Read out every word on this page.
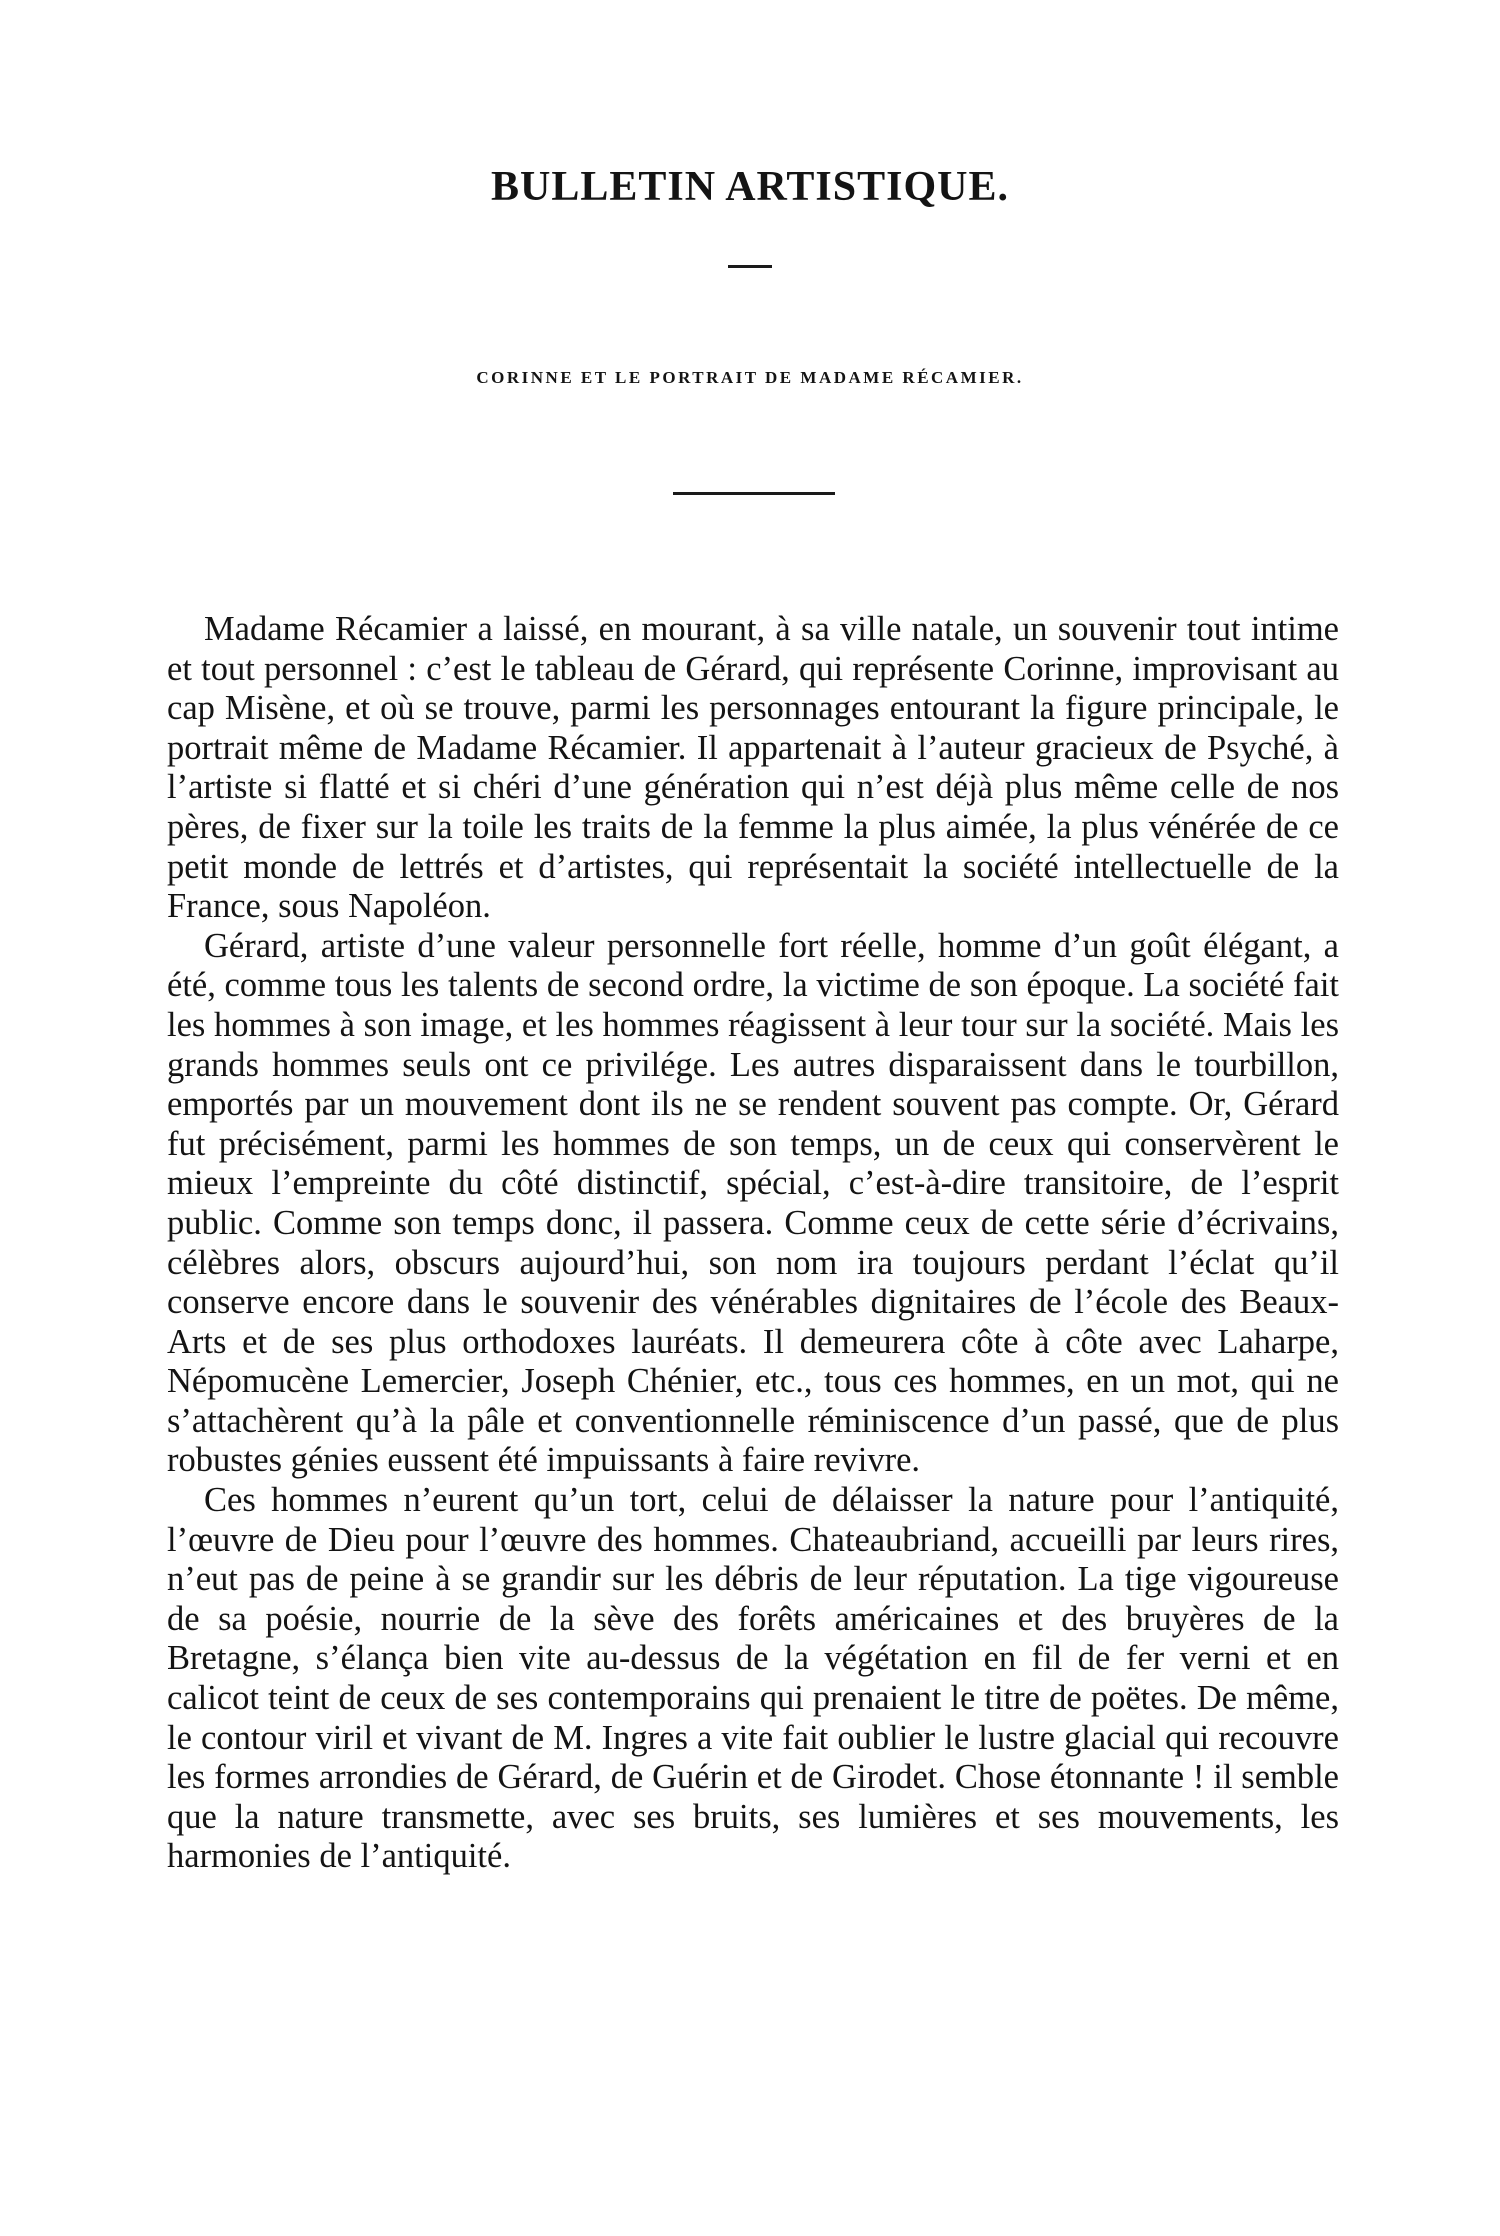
BULLETIN ARTISTIQUE.
CORINNE ET LE PORTRAIT DE MADAME RÉCAMIER.

Madame Récamier a laissé, en mourant, à sa ville natale, un souvenir tout intime et tout personnel : c’est le tableau de Gérard, qui représente Corinne, improvisant au cap Misène, et où se trouve, parmi les personnages entourant la figure principale, le portrait même de Madame Récamier. Il appartenait à l’auteur gracieux de Psyché, à l’artiste si flatté et si chéri d’une génération qui n’est déjà plus même celle de nos pères, de fixer sur la toile les traits de la femme la plus aimée, la plus vénérée de ce petit monde de lettrés et d’artistes, qui représentait la société intellectuelle de la France, sous Napoléon.

Gérard, artiste d’une valeur personnelle fort réelle, homme d’un goût élégant, a été, comme tous les talents de second ordre, la victime de son époque. La société fait les hommes à son image, et les hommes réagissent à leur tour sur la société. Mais les grands hommes seuls ont ce privilége. Les autres disparaissent dans le tourbillon, emportés par un mouvement dont ils ne se rendent souvent pas compte. Or, Gérard fut précisément, parmi les hommes de son temps, un de ceux qui conservèrent le mieux l’empreinte du côté distinctif, spécial, c’est-à-dire transitoire, de l’esprit public. Comme son temps donc, il passera. Comme ceux de cette série d’écrivains, célèbres alors, obscurs aujourd’hui, son nom ira toujours perdant l’éclat qu’il conserve encore dans le souvenir des vénérables dignitaires de l’école des Beaux-Arts et de ses plus orthodoxes lauréats. Il demeurera côte à côte avec Laharpe, Népomucène Lemercier, Joseph Chénier, etc., tous ces hommes, en un mot, qui ne s’attachèrent qu’à la pâle et conventionnelle réminiscence d’un passé, que de plus robustes génies eussent été impuissants à faire revivre.

Ces hommes n’eurent qu’un tort, celui de délaisser la nature pour l’antiquité, l’œuvre de Dieu pour l’œuvre des hommes. Chateaubriand, accueilli par leurs rires, n’eut pas de peine à se grandir sur les débris de leur réputation. La tige vigoureuse de sa poésie, nourrie de la sève des forêts américaines et des bruyères de la Bretagne, s’élança bien vite au-dessus de la végétation en fil de fer verni et en calicot teint de ceux de ses contemporains qui prenaient le titre de poëtes. De même, le contour viril et vivant de M. Ingres a vite fait oublier le lustre glacial qui recouvre les formes arrondies de Gérard, de Guérin et de Girodet. Chose étonnante ! il semble que la nature transmette, avec ses bruits, ses lumières et ses mouvements, les harmonies de l’antiquité.
